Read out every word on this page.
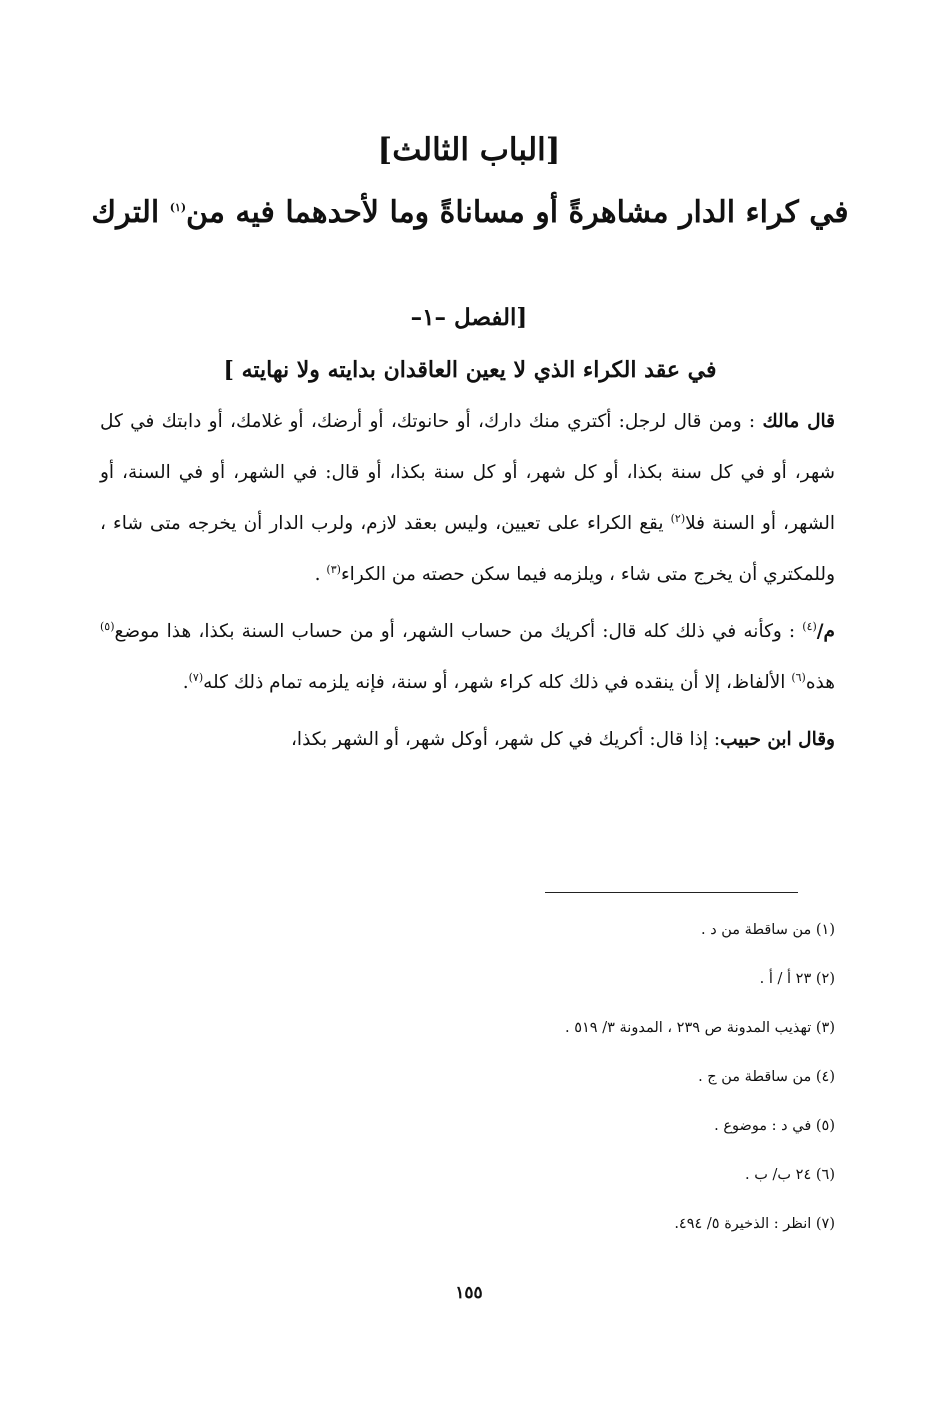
[الباب الثالث]
في كراء الدار مشاهرةً أو مساناةً وما لأحدهما فيه من$^{(١)}$ الترك
[الفصل –١–
في عقد الكراء الذي لا يعين العاقدان بدايته ولا نهايته ]

قال مالك : ومن قال لرجل: أكتري منك دارك، أو حانوتك، أو أرضك، أو غلامك، أو دابتك في كل شهر، أو في كل سنة بكذا، أو كل شهر، أو كل سنة بكذا، أو قال: في الشهر، أو في السنة، أو الشهر، أو السنة فلا$^{(٢)}$ يقع الكراء على تعيين، وليس بعقد لازم، ولرب الدار أن يخرجه متى شاء ، وللمكتري أن يخرج متى شاء ، ويلزمه فيما سكن حصته من الكراء$^{(٣)}$ .

م/$^{(٤)}$ : وكأنه في ذلك كله قال: أكريك من حساب الشهر، أو من حساب السنة بكذا، هذا موضع$^{(٥)}$ هذه$^{(٦)}$ الألفاظ، إلا أن ينقده في ذلك كله كراء شهر، أو سنة، فإنه يلزمه تمام ذلك كله$^{(٧)}$.

وقال ابن حبيب: إذا قال: أكريك في كل شهر، أوكل شهر، أو الشهر بكذا،

(١) من ساقطة من د .
(٢) ٢٣ أ / أ .
(٣) تهذيب المدونة ص ٢٣٩ ، المدونة ٣/ ٥١٩ .
(٤) من ساقطة من ج .
(٥) في د : موضوع .
(٦) ٢٤ ب/ ب .
(٧) انظر : الذخيرة ٥/ ٤٩٤.
١٥٥
